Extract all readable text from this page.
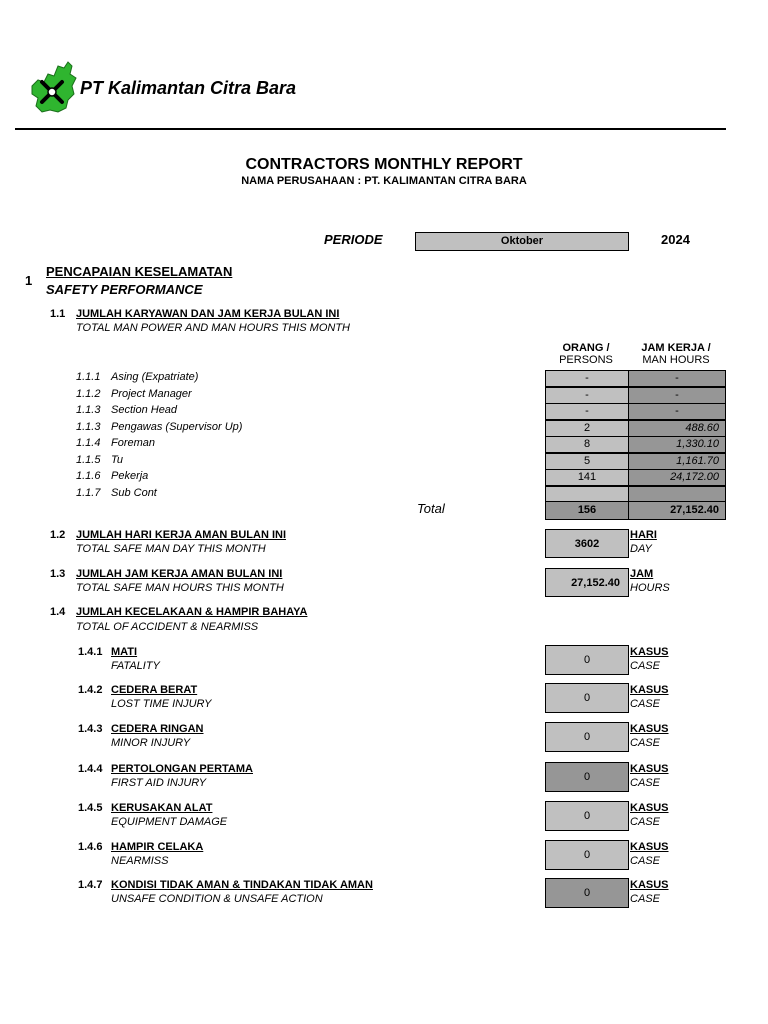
PT Kalimantan Citra Bara
CONTRACTORS MONTHLY REPORT
NAMA PERUSAHAAN : PT. KALIMANTAN CITRA BARA
PERIODE	Oktober	2024
1
PENCAPAIAN KESELAMATAN
SAFETY PERFORMANCE
1.1 JUMLAH KARYAWAN DAN JAM KERJA BULAN INI
TOTAL MAN POWER AND MAN HOURS THIS MONTH
ORANG /
PERSONS
JAM KERJA /
MAN HOURS
1.1.1 Asing (Expatriate)	-	-
1.1.2 Project Manager	-	-
1.1.3 Section Head	-	-
1.1.3 Pengawas (Supervisor Up)	2	488.60
1.1.4 Foreman	8	1,330.10
1.1.5 Tu	5	1,161.70
1.1.6 Pekerja	141	24,172.00
1.1.7 Sub Cont
Total	156	27,152.40
1.2 JUMLAH HARI KERJA AMAN BULAN INI
TOTAL SAFE MAN DAY THIS MONTH	3602
HARI
DAY
1.3 JUMLAH JAM KERJA AMAN BULAN INI
TOTAL SAFE MAN HOURS THIS MONTH	27,152.40
JAM
HOURS
1.4 JUMLAH KECELAKAAN & HAMPIR BAHAYA
TOTAL OF ACCIDENT & NEARMISS
1.4.1 MATI
FATALITY	0
KASUS
CASE
1.4.2 CEDERA BERAT
LOST TIME INJURY	0
KASUS
CASE
1.4.3 CEDERA RINGAN
MINOR INJURY	0
KASUS
CASE
1.4.4 PERTOLONGAN PERTAMA
FIRST AID INJURY	0
KASUS
CASE
1.4.5 KERUSAKAN ALAT
EQUIPMENT DAMAGE	0
KASUS
CASE
1.4.6 HAMPIR CELAKA
NEARMISS	0
KASUS
CASE
1.4.7 KONDISI TIDAK AMAN & TINDAKAN TIDAK AMAN
UNSAFE CONDITION & UNSAFE ACTION	0
KASUS
CASE
